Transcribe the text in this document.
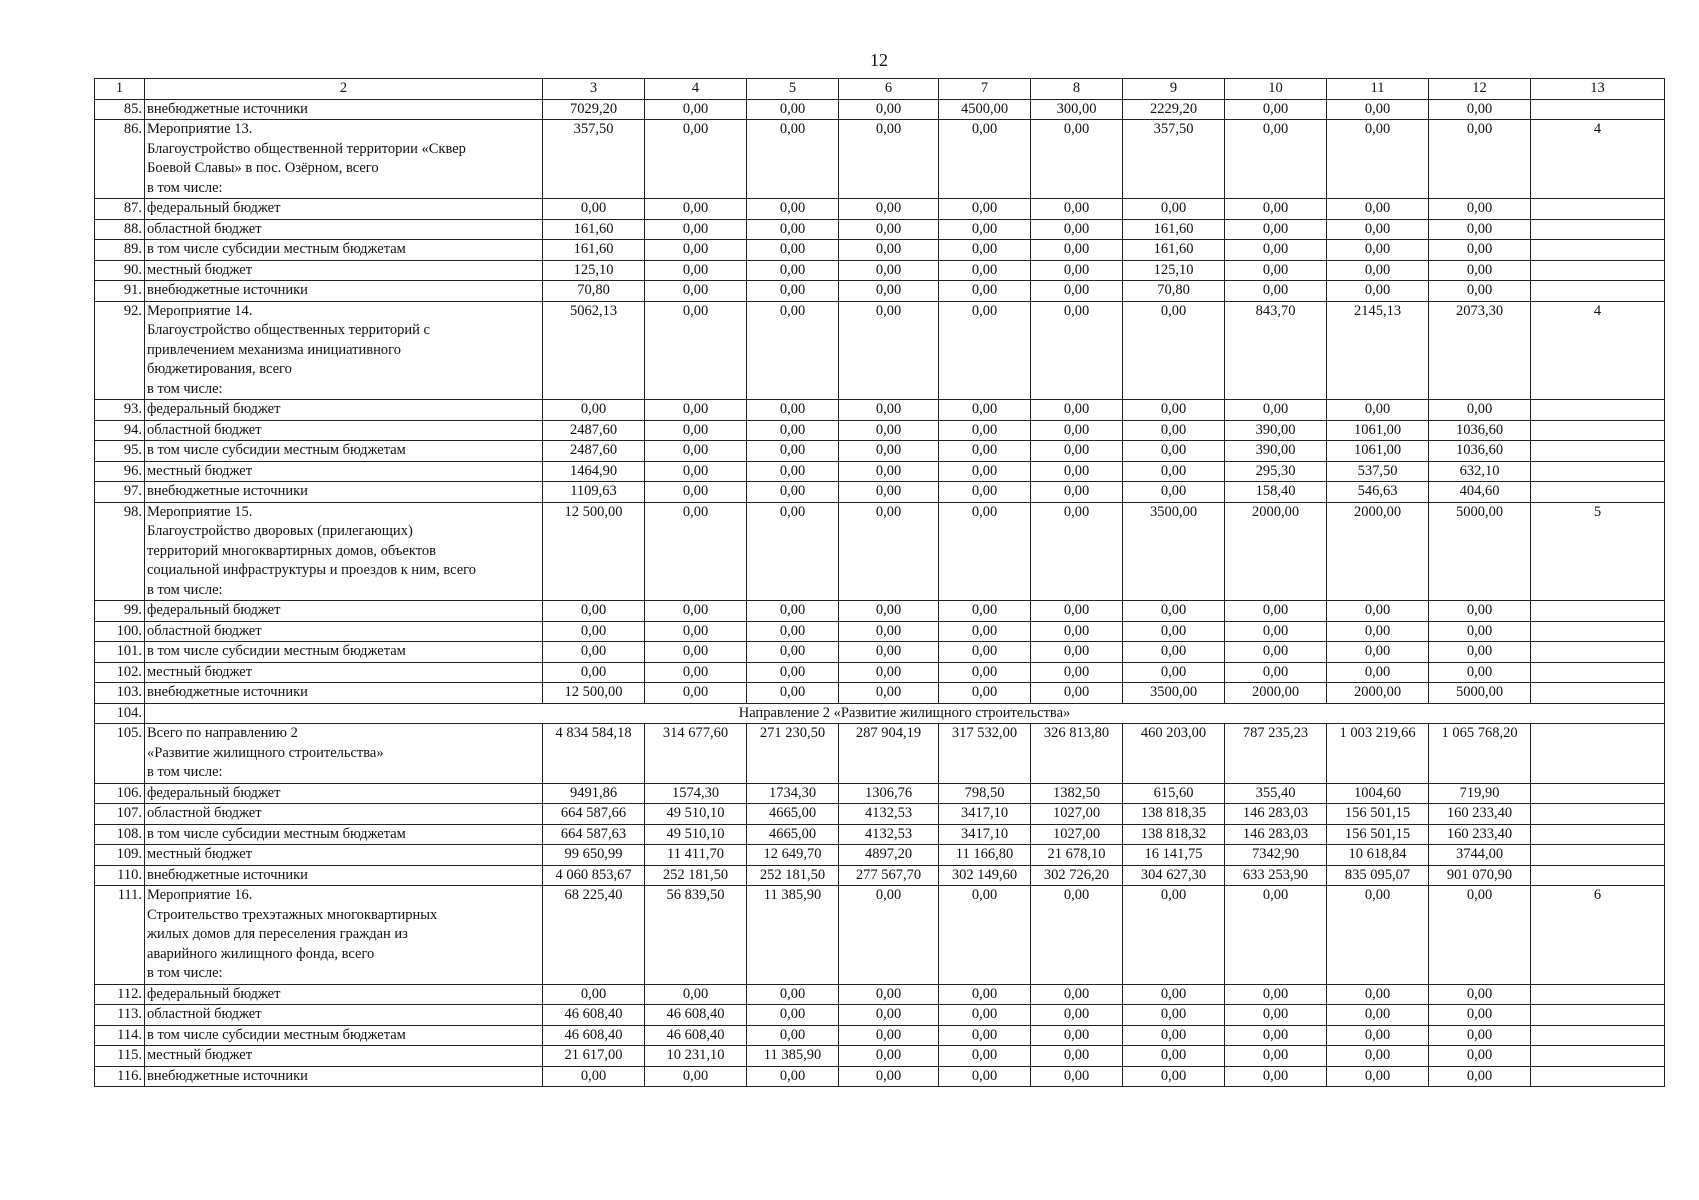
12
1	2	3	4	5	6	7	8	9	10	11	12	13
85.	внебюджетные источники	7029,20	0,00	0,00	0,00	4500,00	300,00	2229,20	0,00	0,00	0,00	
86.	Мероприятие 13.
Благоустройство общественной территории «Сквер
Боевой Славы» в пос. Озёрном, всего
в том числе:	357,50	0,00	0,00	0,00	0,00	0,00	357,50	0,00	0,00	0,00	4
87.	федеральный бюджет	0,00	0,00	0,00	0,00	0,00	0,00	0,00	0,00	0,00	0,00	
88.	областной бюджет	161,60	0,00	0,00	0,00	0,00	0,00	161,60	0,00	0,00	0,00	
89.	в том числе субсидии местным бюджетам	161,60	0,00	0,00	0,00	0,00	0,00	161,60	0,00	0,00	0,00	
90.	местный бюджет	125,10	0,00	0,00	0,00	0,00	0,00	125,10	0,00	0,00	0,00	
91.	внебюджетные источники	70,80	0,00	0,00	0,00	0,00	0,00	70,80	0,00	0,00	0,00	
92.	Мероприятие 14.
Благоустройство общественных территорий с
привлечением механизма инициативного
бюджетирования, всего
в том числе:	5062,13	0,00	0,00	0,00	0,00	0,00	0,00	843,70	2145,13	2073,30	4
93.	федеральный бюджет	0,00	0,00	0,00	0,00	0,00	0,00	0,00	0,00	0,00	0,00	
94.	областной бюджет	2487,60	0,00	0,00	0,00	0,00	0,00	0,00	390,00	1061,00	1036,60	
95.	в том числе субсидии местным бюджетам	2487,60	0,00	0,00	0,00	0,00	0,00	0,00	390,00	1061,00	1036,60	
96.	местный бюджет	1464,90	0,00	0,00	0,00	0,00	0,00	0,00	295,30	537,50	632,10	
97.	внебюджетные источники	1109,63	0,00	0,00	0,00	0,00	0,00	0,00	158,40	546,63	404,60	
98.	Мероприятие 15.
Благоустройство дворовых (прилегающих)
территорий многоквартирных домов, объектов
социальной инфраструктуры и проездов к ним, всего
в том числе:	12 500,00	0,00	0,00	0,00	0,00	0,00	3500,00	2000,00	2000,00	5000,00	5
99.	федеральный бюджет	0,00	0,00	0,00	0,00	0,00	0,00	0,00	0,00	0,00	0,00	
100.	областной бюджет	0,00	0,00	0,00	0,00	0,00	0,00	0,00	0,00	0,00	0,00	
101.	в том числе субсидии местным бюджетам	0,00	0,00	0,00	0,00	0,00	0,00	0,00	0,00	0,00	0,00	
102.	местный бюджет	0,00	0,00	0,00	0,00	0,00	0,00	0,00	0,00	0,00	0,00	
103.	внебюджетные источники	12 500,00	0,00	0,00	0,00	0,00	0,00	3500,00	2000,00	2000,00	5000,00	
104.	Направление 2 «Развитие жилищного строительства»											
105.	Всего по направлению 2
«Развитие жилищного строительства»
в том числе:	4 834 584,18	314 677,60	271 230,50	287 904,19	317 532,00	326 813,80	460 203,00	787 235,23	1 003 219,66	1 065 768,20	
106.	федеральный бюджет	9491,86	1574,30	1734,30	1306,76	798,50	1382,50	615,60	355,40	1004,60	719,90	
107.	областной бюджет	664 587,66	49 510,10	4665,00	4132,53	3417,10	1027,00	138 818,35	146 283,03	156 501,15	160 233,40	
108.	в том числе субсидии местным бюджетам	664 587,63	49 510,10	4665,00	4132,53	3417,10	1027,00	138 818,32	146 283,03	156 501,15	160 233,40	
109.	местный бюджет	99 650,99	11 411,70	12 649,70	4897,20	11 166,80	21 678,10	16 141,75	7342,90	10 618,84	3744,00	
110.	внебюджетные источники	4 060 853,67	252 181,50	252 181,50	277 567,70	302 149,60	302 726,20	304 627,30	633 253,90	835 095,07	901 070,90	
111.	Мероприятие 16.
Строительство трехэтажных многоквартирных
жилых домов для переселения граждан из
аварийного жилищного фонда, всего
в том числе:	68 225,40	56 839,50	11 385,90	0,00	0,00	0,00	0,00	0,00	0,00	0,00	6
112.	федеральный бюджет	0,00	0,00	0,00	0,00	0,00	0,00	0,00	0,00	0,00	0,00	
113.	областной бюджет	46 608,40	46 608,40	0,00	0,00	0,00	0,00	0,00	0,00	0,00	0,00	
114.	в том числе субсидии местным бюджетам	46 608,40	46 608,40	0,00	0,00	0,00	0,00	0,00	0,00	0,00	0,00	
115.	местный бюджет	21 617,00	10 231,10	11 385,90	0,00	0,00	0,00	0,00	0,00	0,00	0,00	
116.	внебюджетные источники	0,00	0,00	0,00	0,00	0,00	0,00	0,00	0,00	0,00	0,00	
